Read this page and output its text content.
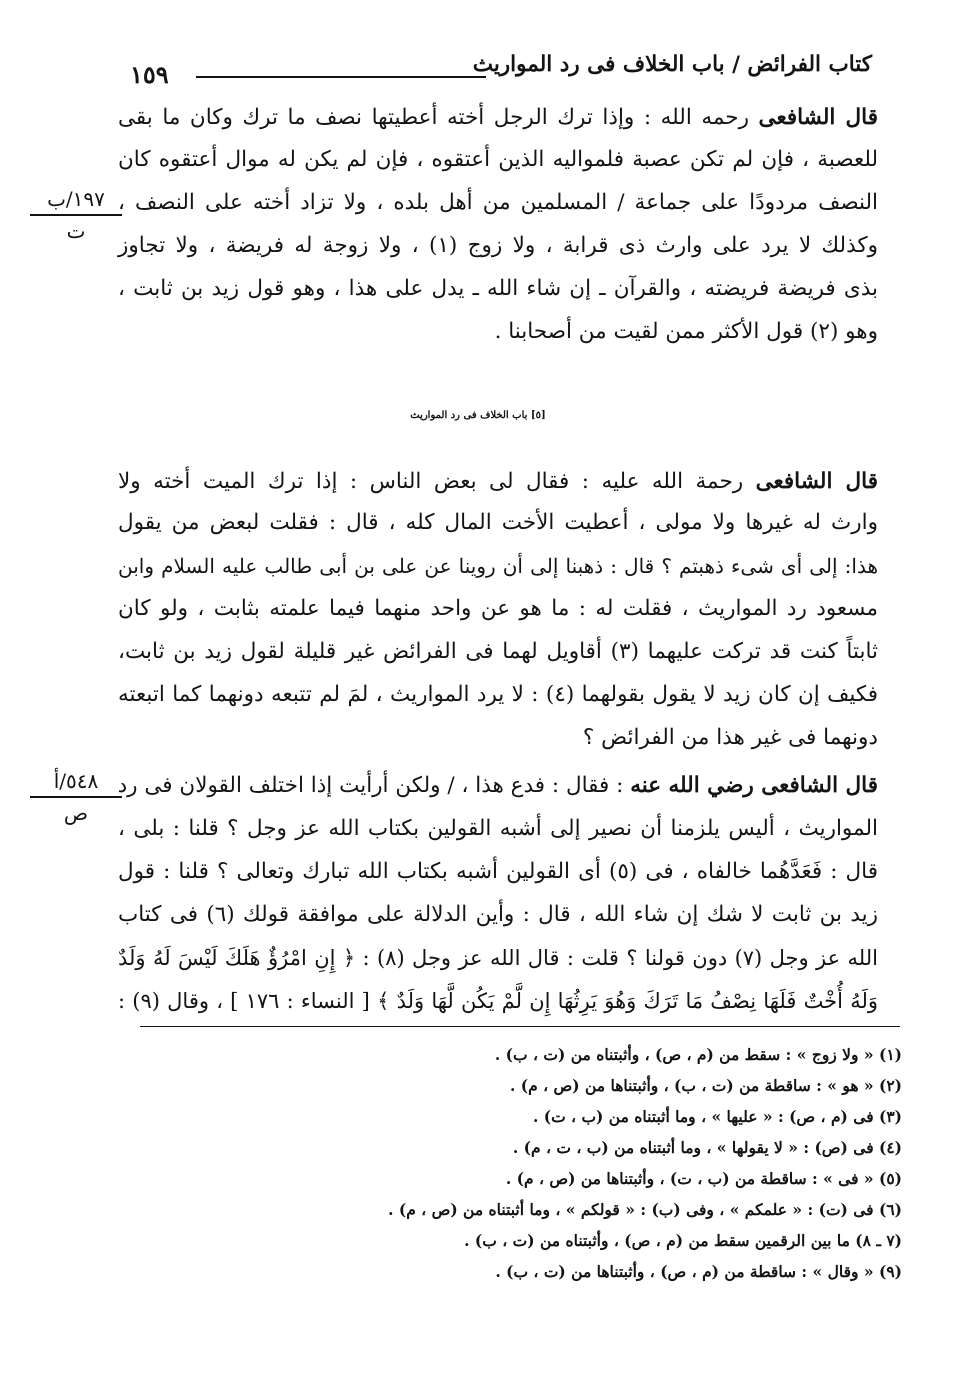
كتاب الفرائض / باب الخلاف فى رد المواريث
١٥٩
قال الشافعى رحمه الله : وإذا ترك الرجل أخته أعطيتها نصف ما ترك وكان ما بقى
للعصبة ، فإن لم تكن عصبة فلمواليه الذين أعتقوه ، فإن لم يكن له موال أعتقوه كان
النصف مردودًا على جماعة / المسلمين من أهل بلده ، ولا تزاد أخته على النصف ،
وكذلك لا يرد على وارث ذى قرابة ، ولا زوج (١) ، ولا زوجة له فريضة ، ولا تجاوز
بذى فريضة فريضته ، والقرآن ـ إن شاء الله ـ يدل على هذا ، وهو قول زيد بن ثابت ،
وهو (٢) قول الأكثر ممن لقيت من أصحابنا .
[٥] باب الخلاف فى رد المواريث
قال الشافعى رحمة الله عليه : فقال لى بعض الناس : إذا ترك الميت أخته ولا
وارث له غيرها ولا مولى ، أعطيت الأخت المال كله ، قال : فقلت لبعض من يقول
هذا: إلى أى شىء ذهبتم ؟ قال : ذهبنا إلى أن روينا عن على بن أبى طالب عليه السلام وابن
مسعود رد المواريث ، فقلت له : ما هو عن واحد منهما فيما علمته بثابت ، ولو كان
ثابتاً كنت قد تركت عليهما (٣) أقاويل لهما فى الفرائض غير قليلة لقول زيد بن ثابت،
فكيف إن كان زيد لا يقول بقولهما (٤) : لا يرد المواريث ، لمَ لم تتبعه دونهما كما اتبعته
دونهما فى غير هذا من الفرائض ؟
قال الشافعى رضي الله عنه : فقال : فدع هذا ، / ولكن أرأيت إذا اختلف القولان فى رد
المواريث ، أليس يلزمنا أن نصير إلى أشبه القولين بكتاب الله عز وجل ؟ قلنا : بلى ،
قال : فَعَدَّهُما خالفاه ، فى (٥) أى القولين أشبه بكتاب الله تبارك وتعالى ؟ قلنا : قول
زيد بن ثابت لا شك إن شاء الله ، قال : وأين الدلالة على موافقة قولك (٦) فى كتاب
الله عز وجل (٧) دون قولنا ؟ قلت : قال الله عز وجل (٨) : ﴿ إِنِ امْرُؤٌ هَلَكَ لَيْسَ لَهُ وَلَدٌ
وَلَهُ أُخْتٌ فَلَهَا نِصْفُ مَا تَرَكَ وَهُوَ يَرِثُهَا إِن لَّمْ يَكُن لَّهَا وَلَدٌ ﴾ [ النساء : ١٧٦ ] ، وقال (٩) :
١٩٧/ب
ت
٥٤٨/أ
ص
(١) « ولا زوج » : سقط من (م ، ص) ، وأثبتناه من (ت ، ب) .
(٢) « هو » : ساقطة من (ت ، ب) ، وأثبتناها من (ص ، م) .
(٣) فى (م ، ص) : « عليها » ، وما أثبتناه من (ب ، ت) .
(٤) فى (ص) : « لا يقولها » ، وما أثبتناه من (ب ، ت ، م) .
(٥) « فى » : ساقطة من (ب ، ت) ، وأثبتناها من (ص ، م) .
(٦) فى (ت) : « علمكم » ، وفى (ب) : « قولكم » ، وما أثبتناه من (ص ، م) .
(٧ ـ ٨) ما بين الرقمين سقط من (م ، ص) ، وأثبتناه من (ت ، ب) .
(٩) « وقال » : ساقطة من (م ، ص) ، وأثبتناها من (ت ، ب) .
